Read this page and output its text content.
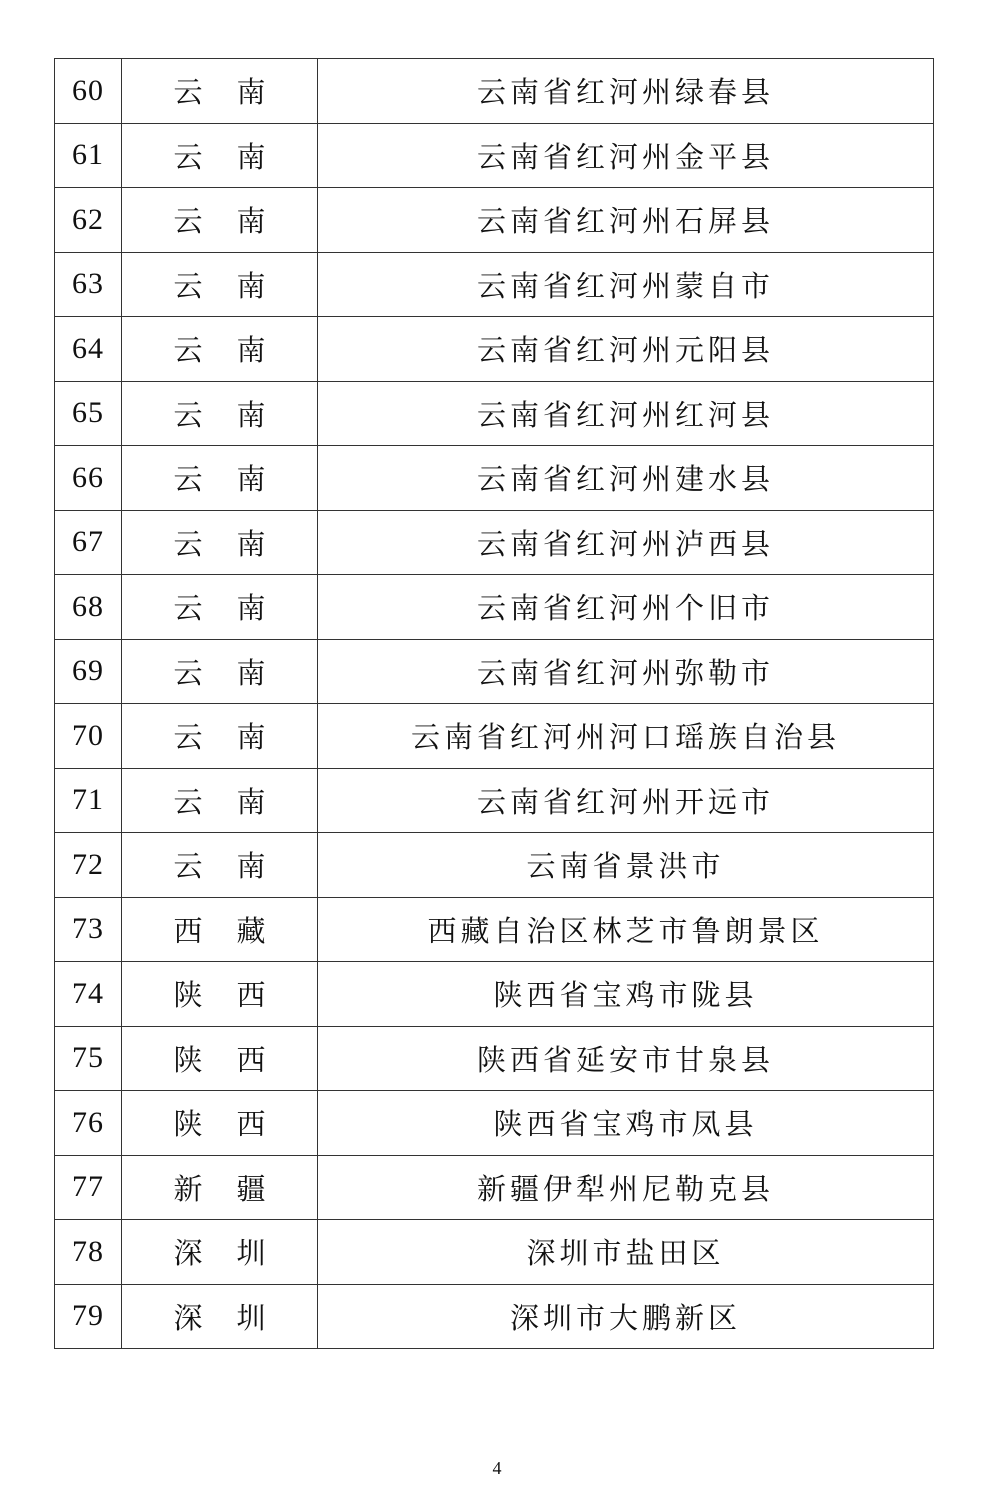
60	云 南	云南省红河州绿春县
61	云 南	云南省红河州金平县
62	云 南	云南省红河州石屏县
63	云 南	云南省红河州蒙自市
64	云 南	云南省红河州元阳县
65	云 南	云南省红河州红河县
66	云 南	云南省红河州建水县
67	云 南	云南省红河州泸西县
68	云 南	云南省红河州个旧市
69	云 南	云南省红河州弥勒市
70	云 南	云南省红河州河口瑶族自治县
71	云 南	云南省红河州开远市
72	云 南	云南省景洪市
73	西 藏	西藏自治区林芝市鲁朗景区
74	陕 西	陕西省宝鸡市陇县
75	陕 西	陕西省延安市甘泉县
76	陕 西	陕西省宝鸡市凤县
77	新 疆	新疆伊犁州尼勒克县
78	深 圳	深圳市盐田区
79	深 圳	深圳市大鹏新区
4
